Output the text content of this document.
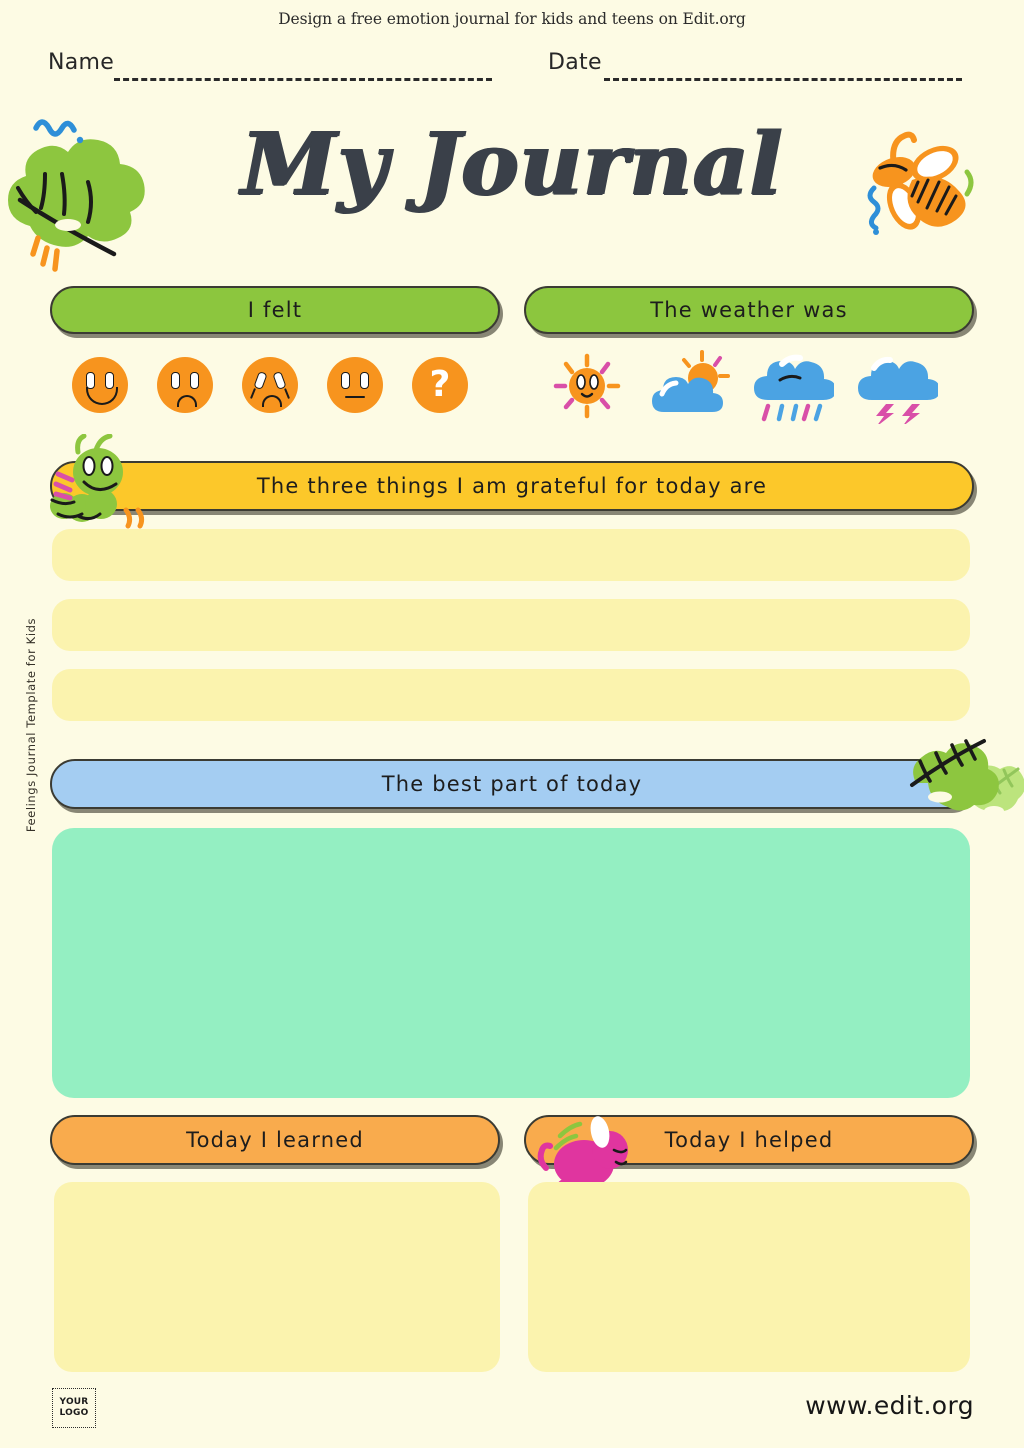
Design a free emotion journal for kids and teens on Edit.org
Name	Date
My Journal
I felt
?
The weather was
The three things I am grateful for today are
The best part of today
Today I learned	Today I helped
YOUR
LOGO	www.edit.org
Feelings Journal Template for Kids
